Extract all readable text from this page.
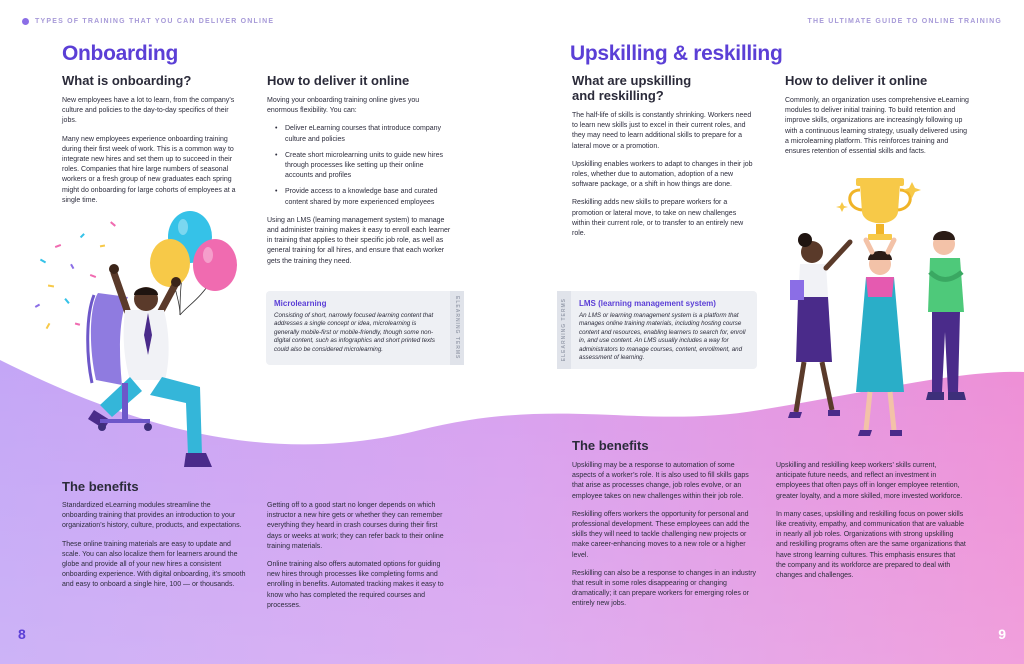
TYPES OF TRAINING THAT YOU CAN DELIVER ONLINE
Onboarding
What is onboarding?

New employees have a lot to learn, from the company’s culture and policies to the day-to-day specifics of their jobs.

Many new employees experience onboarding training during their first week of work. This is a common way to integrate new hires and set them up to succeed in their roles. Companies that hire large numbers of seasonal workers or a fresh group of new graduates each spring might do onboarding for large cohorts of employees at a single time.

How to deliver it online

Moving your onboarding training online gives you enormous flexibility. You can:

• Deliver eLearning courses that introduce company culture and policies
• Create short microlearning units to guide new hires through processes like setting up their online accounts and profiles
• Provide access to a knowledge base and curated content shared by more experienced employees

Using an LMS (learning management system) to manage and administer training makes it easy to enroll each learner in training that applies to their specific job role, as well as general training for all hires, and ensure that each worker gets the training they need.

Microlearning
Consisting of short, narrowly focused learning content that addresses a single concept or idea, microlearning is generally mobile-first or mobile-friendly, though some non-digital content, such as infographics and short printed texts could also be considered microlearning.	ELEARNING TERMS
The benefits

Standardized eLearning modules streamline the onboarding training that provides an introduction to your organization’s history, culture, products, and expectations.

These online training materials are easy to update and scale. You can also localize them for learners around the globe and provide all of your new hires a consistent onboarding experience. With digital onboarding, it’s smooth and easy to onboard a single hire, 100 — or thousands.

Getting off to a good start no longer depends on which instructor a new hire gets or whether they can remember everything they heard in crash courses during their first days or weeks at work; they can refer back to their online training materials.

Online training also offers automated options for guiding new hires through processes like completing forms and enrolling in benefits. Automated tracking makes it easy to know who has completed the required courses and processes.

8
THE ULTIMATE GUIDE TO ONLINE TRAINING
Upskilling & reskilling
What are upskilling
and reskilling?

The half-life of skills is constantly shrinking. Workers need to learn new skills just to excel in their current roles, and they may need to learn additional skills to prepare for a lateral move or a promotion.

Upskilling enables workers to adapt to changes in their job roles, whether due to automation, adoption of a new software package, or a shift in how things are done.

Reskilling adds new skills to prepare workers for a promotion or lateral move, to take on new challenges within their current role, or to transfer to an entirely new role.

How to deliver it online

Commonly, an organization uses comprehensive eLearning modules to deliver initial training. To build retention and improve skills, organizations are increasingly following up with a continuous learning strategy, usually delivered using a microlearning platform. This reinforces training and ensures retention of essential skills and facts.

ELEARNING TERMS LMS (learning management system)
An LMS or learning management system is a platform that manages online training materials, including hosting course content and resources, enabling learners to search for, enroll in, and use content. An LMS usually includes a way for administrators to manage courses, content, enrollment, and assessment of learning.
The benefits

Upskilling may be a response to automation of some aspects of a worker’s role. It is also used to fill skills gaps that arise as processes change, job roles evolve, or an employee takes on new challenges within their job role.

Reskilling offers workers the opportunity for personal and professional development. These employees can add the skills they will need to tackle challenging new projects or make career-enhancing moves to a new role or a higher level.

Reskilling can also be a response to changes in an industry that result in some roles disappearing or changing dramatically; it can prepare workers for emerging roles or entirely new jobs.

Upskilling and reskilling keep workers’ skills current, anticipate future needs, and reflect an investment in employees that often pays off in longer employee retention, greater loyalty, and a more skilled, more invested workforce.

In many cases, upskilling and reskilling focus on power skills like creativity, empathy, and communication that are valuable in nearly all job roles. Organizations with strong upskilling and reskilling programs often are the same organizations that have strong learning cultures. This emphasis ensures that the company and its workforce are prepared to deal with changes and challenges.

9
